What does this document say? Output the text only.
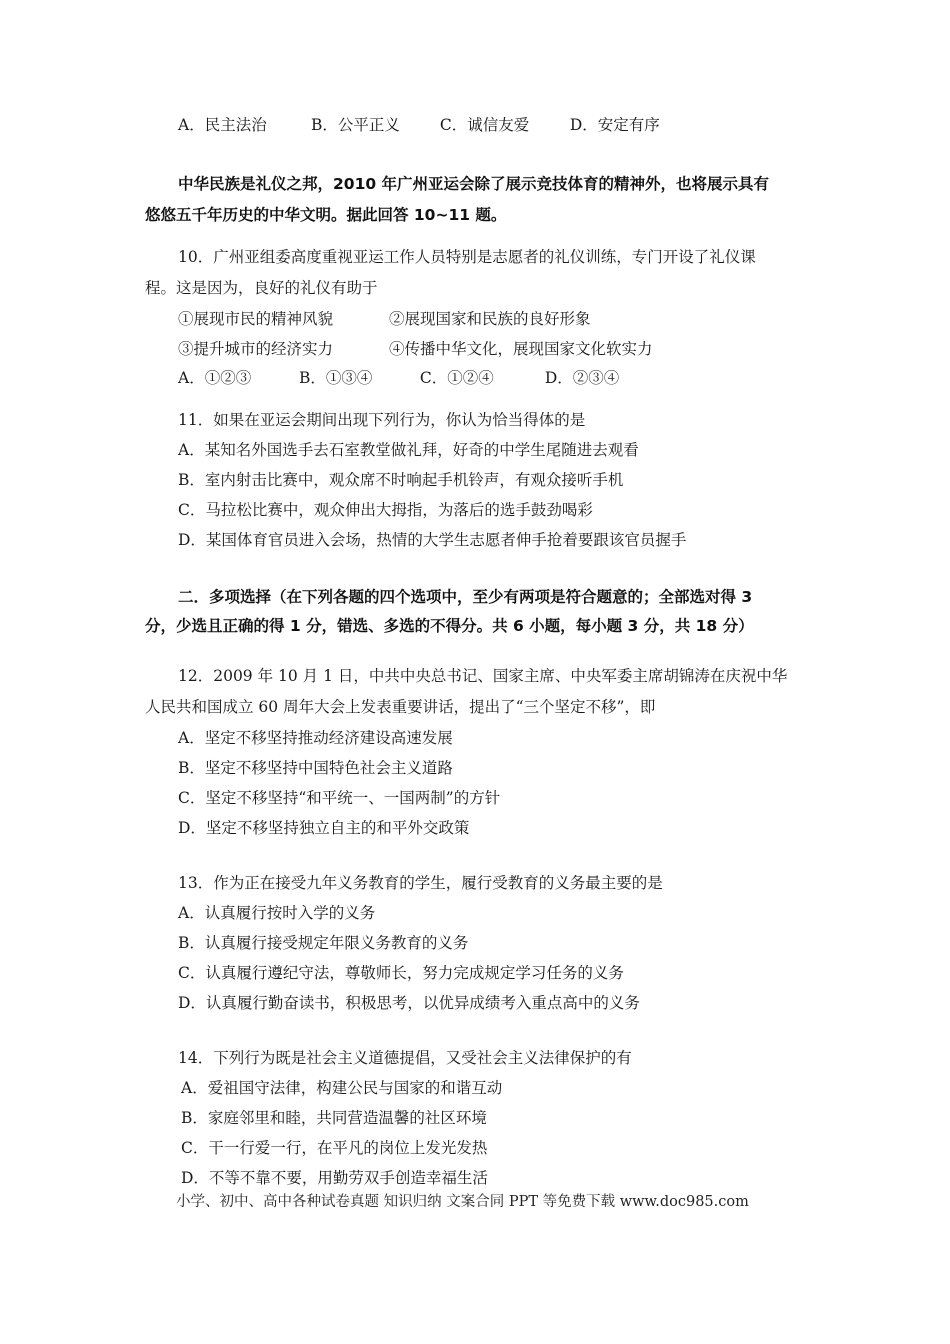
A．民主法治	B．公平正义	C．诚信友爱	D．安定有序
中华民族是礼仪之邦，2010 年广州亚运会除了展示竞技体育的精神外，也将展示具有
悠悠五千年历史的中华文明。据此回答 10~11 题。
10．广州亚组委高度重视亚运工作人员特别是志愿者的礼仪训练，专门开设了礼仪课
程。这是因为，良好的礼仪有助于
①展现市民的精神风貌	②展现国家和民族的良好形象
③提升城市的经济实力	④传播中华文化，展现国家文化软实力
A．①②③	B．①③④	C．①②④	D．②③④
11．如果在亚运会期间出现下列行为，你认为恰当得体的是
A．某知名外国选手去石室教堂做礼拜，好奇的中学生尾随进去观看
B．室内射击比赛中，观众席不时响起手机铃声，有观众接听手机
C．马拉松比赛中，观众伸出大拇指，为落后的选手鼓劲喝彩
D．某国体育官员进入会场，热情的大学生志愿者伸手抢着要跟该官员握手
二．多项选择（在下列各题的四个选项中，至少有两项是符合题意的；全部选对得 3
分，少选且正确的得 1 分，错选、多选的不得分。共 6 小题，每小题 3 分，共 18 分）
12．2009 年 10 月 1 日，中共中央总书记、国家主席、中央军委主席胡锦涛在庆祝中华
人民共和国成立 60 周年大会上发表重要讲话，提出了“三个坚定不移”，即
A．坚定不移坚持推动经济建设高速发展
B．坚定不移坚持中国特色社会主义道路
C．坚定不移坚持“和平统一、一国两制”的方针
D．坚定不移坚持独立自主的和平外交政策
13．作为正在接受九年义务教育的学生，履行受教育的义务最主要的是
A．认真履行按时入学的义务
B．认真履行接受规定年限义务教育的义务
C．认真履行遵纪守法，尊敬师长，努力完成规定学习任务的义务
D．认真履行勤奋读书，积极思考，以优异成绩考入重点高中的义务
14．下列行为既是社会主义道德提倡，又受社会主义法律保护的有
A．爱祖国守法律，构建公民与国家的和谐互动
B．家庭邻里和睦，共同营造温馨的社区环境
C．干一行爱一行，在平凡的岗位上发光发热
D．不等不靠不要，用勤劳双手创造幸福生活
小学、初中、高中各种试卷真题 知识归纳 文案合同 PPT 等免费下载 www.doc985.com
